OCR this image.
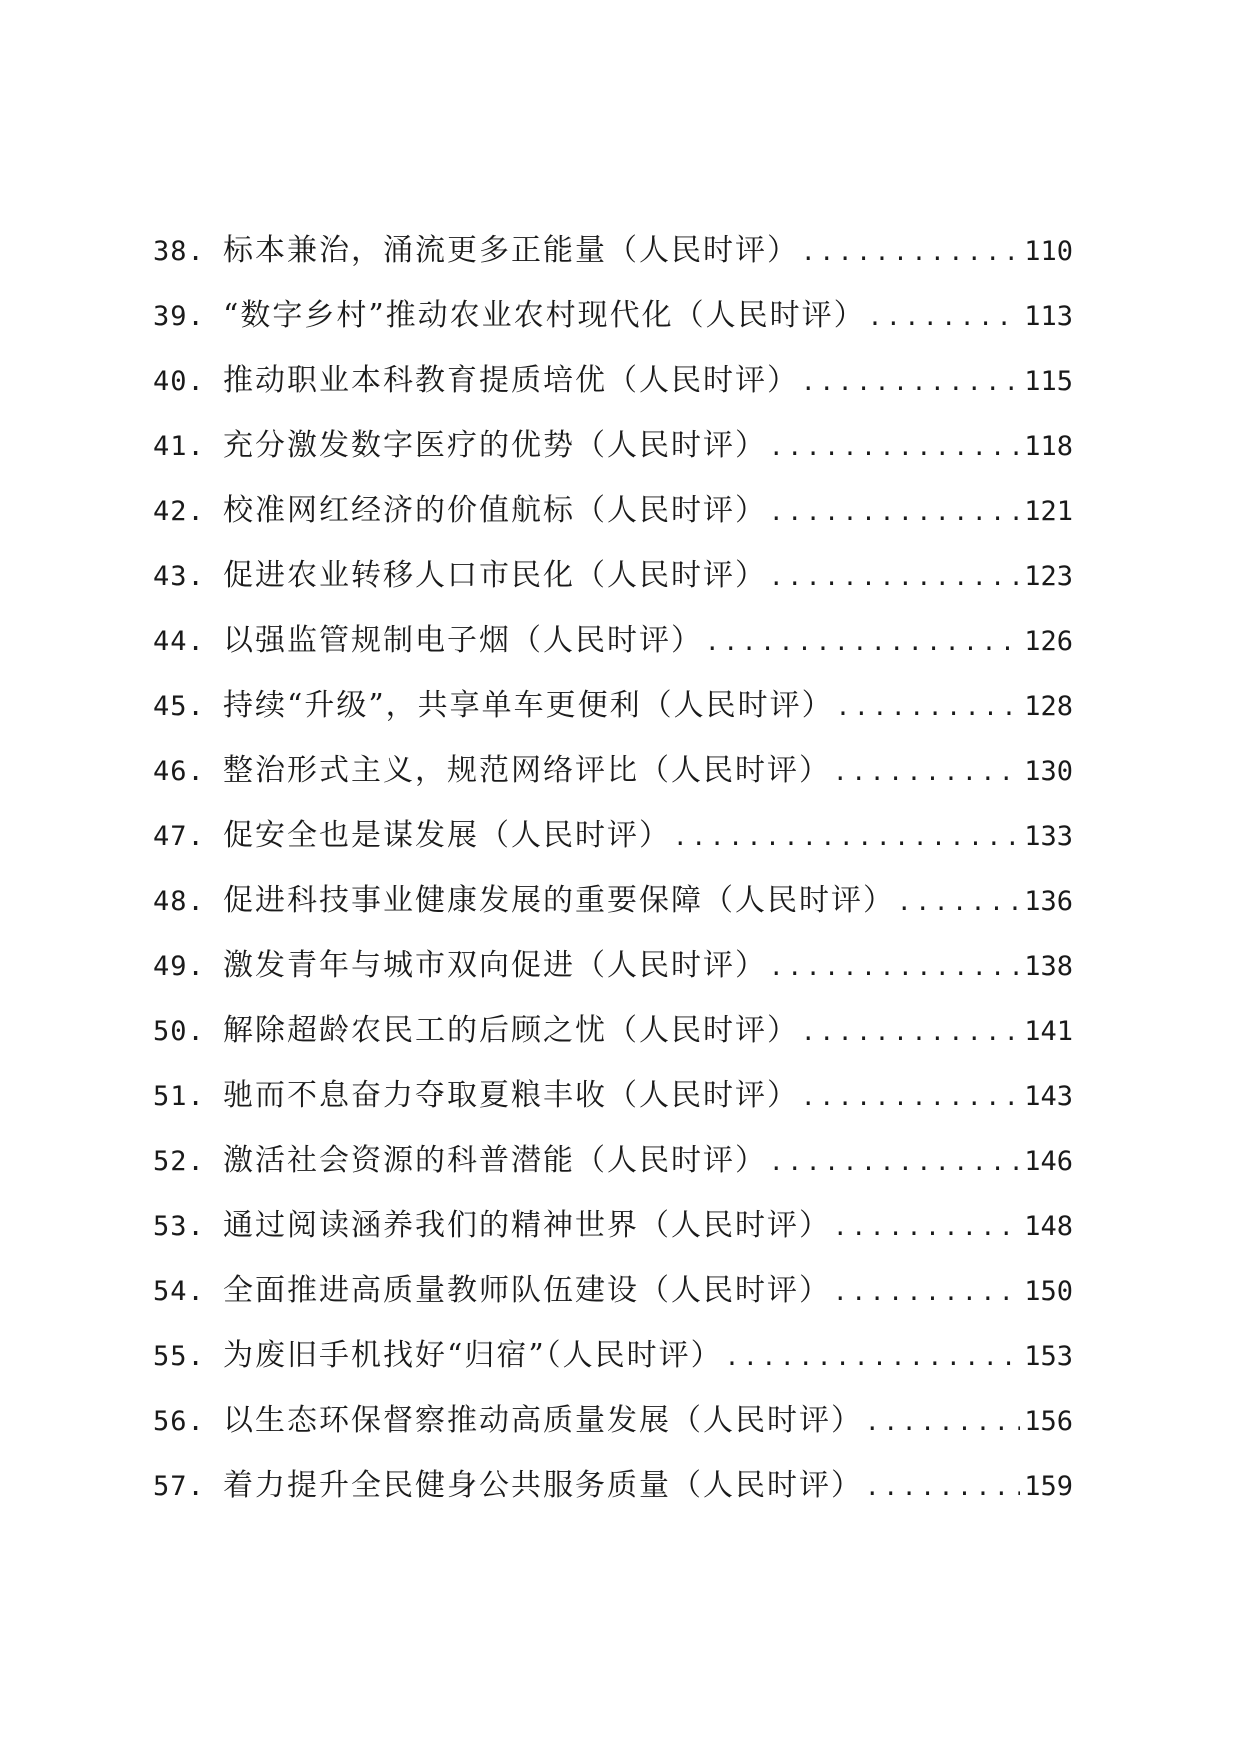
38. 标本兼治，涌流更多正能量（人民时评） .....	110
39. “数字乡村”推动农业农村现代化（人民时评） .....	113
40. 推动职业本科教育提质培优（人民时评） .....	115
41. 充分激发数字医疗的优势（人民时评） .....	118
42. 校准网红经济的价值航标（人民时评） .....	121
43. 促进农业转移人口市民化（人民时评） .....	123
44. 以强监管规制电子烟（人民时评） .....	126
45. 持续“升级”，共享单车更便利（人民时评） .....	128
46. 整治形式主义，规范网络评比（人民时评） .....	130
47. 促安全也是谋发展（人民时评） .....	133
48. 促进科技事业健康发展的重要保障（人民时评） .....	136
49. 激发青年与城市双向促进（人民时评） .....	138
50. 解除超龄农民工的后顾之忧（人民时评） .....	141
51. 驰而不息奋力夺取夏粮丰收（人民时评） .....	143
52. 激活社会资源的科普潜能（人民时评） .....	146
53. 通过阅读涵养我们的精神世界（人民时评） .....	148
54. 全面推进高质量教师队伍建设（人民时评） .....	150
55. 为废旧手机找好“归宿”（人民时评） .....	153
56. 以生态环保督察推动高质量发展（人民时评） .....	156
57. 着力提升全民健身公共服务质量（人民时评） .....	159
